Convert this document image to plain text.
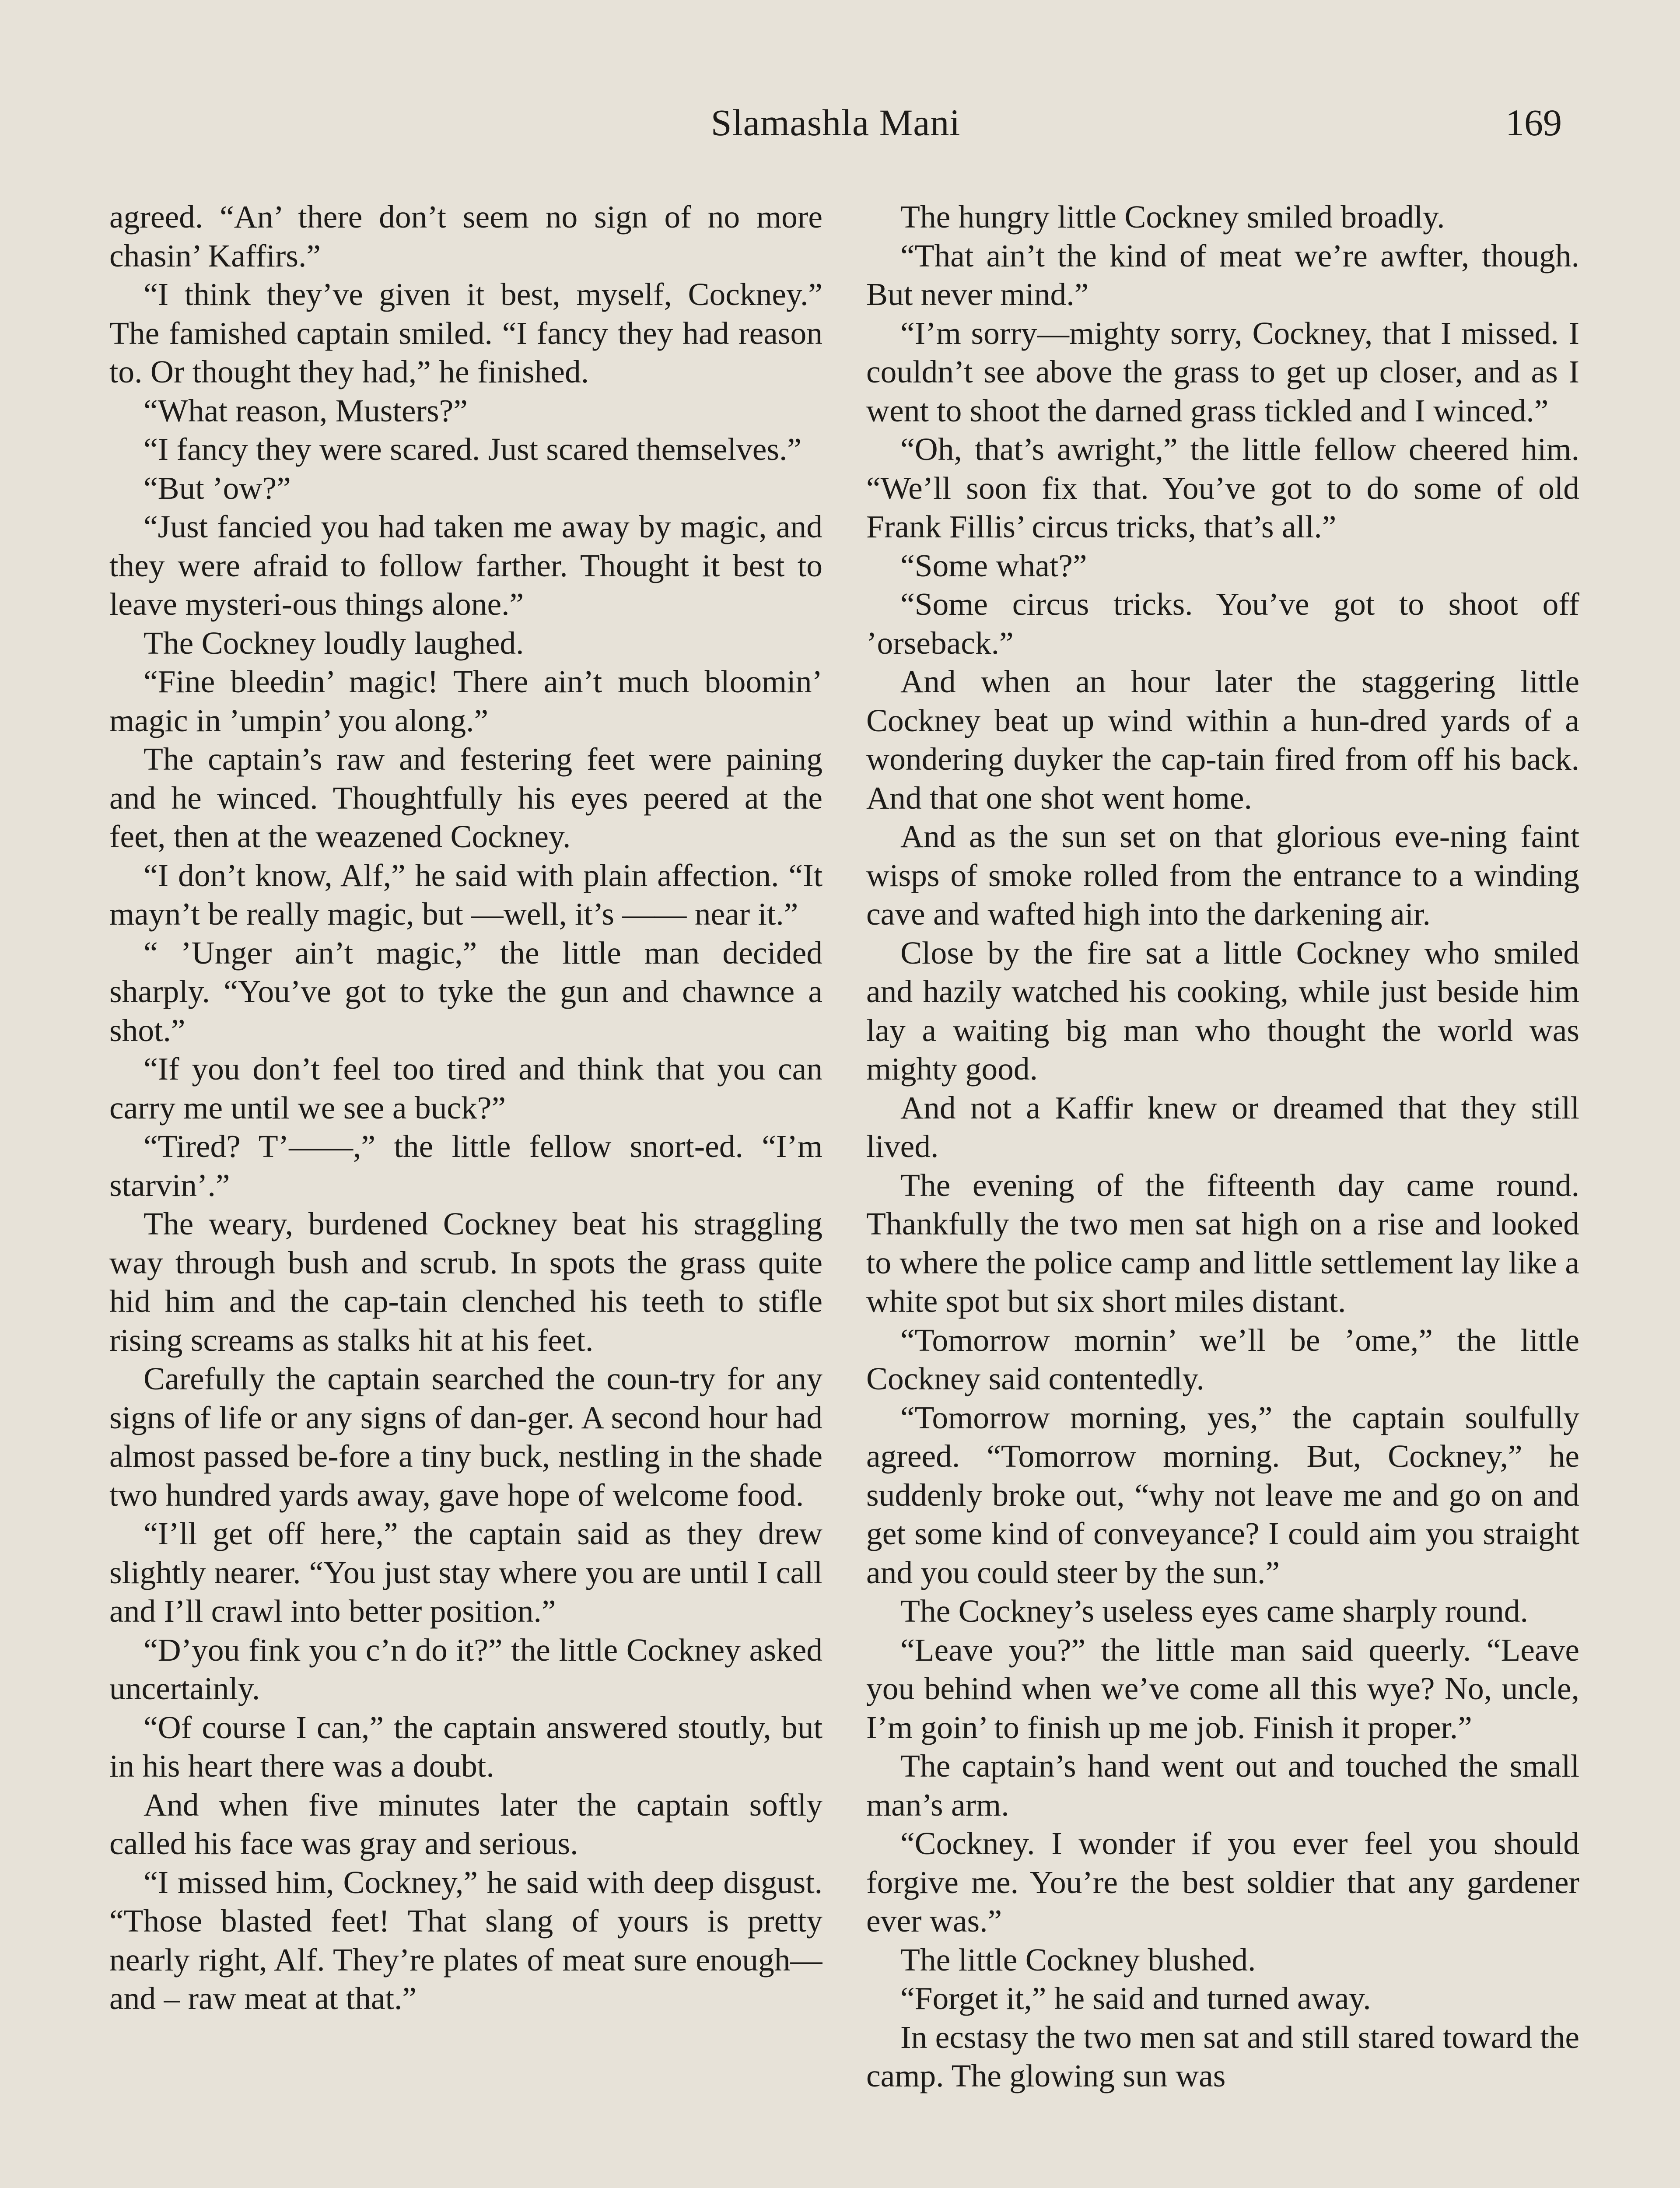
Slamashla Mani	169

agreed. “An’ there don’t seem no sign of no more chasin’ Kaffirs.”

“I think they’ve given it best, myself, Cockney.” The famished captain smiled. “I fancy they had reason to. Or thought they had,” he finished.

“What reason, Musters?”

“I fancy they were scared. Just scared themselves.”

“But ’ow?”

“Just fancied you had taken me away by magic, and they were afraid to follow farther. Thought it best to leave mysteri-ous things alone.”

The Cockney loudly laughed.

“Fine bleedin’ magic! There ain’t much bloomin’ magic in ’umpin’ you along.”

The captain’s raw and festering feet were paining and he winced. Thoughtfully his eyes peered at the feet, then at the weazened Cockney.

“I don’t know, Alf,” he said with plain affection. “It mayn’t be really magic, but —well, it’s —— near it.”

“ ’Unger ain’t magic,” the little man decided sharply. “You’ve got to tyke the gun and chawnce a shot.”

“If you don’t feel too tired and think that you can carry me until we see a buck?”

“Tired? T’——,” the little fellow snort-ed. “I’m starvin’.”

The weary, burdened Cockney beat his straggling way through bush and scrub. In spots the grass quite hid him and the cap-tain clenched his teeth to stifle rising screams as stalks hit at his feet.

Carefully the captain searched the coun-try for any signs of life or any signs of dan-ger. A second hour had almost passed be-fore a tiny buck, nestling in the shade two hundred yards away, gave hope of welcome food.

“I’ll get off here,” the captain said as they drew slightly nearer. “You just stay where you are until I call and I’ll crawl into better position.”

“D’you fink you c’n do it?” the little Cockney asked uncertainly.

“Of course I can,” the captain answered stoutly, but in his heart there was a doubt.

And when five minutes later the captain softly called his face was gray and serious.

“I missed him, Cockney,” he said with deep disgust. “Those blasted feet! That slang of yours is pretty nearly right, Alf. They’re plates of meat sure enough—and – raw meat at that.”

The hungry little Cockney smiled broadly.

“That ain’t the kind of meat we’re awfter, though. But never mind.”

“I’m sorry—mighty sorry, Cockney, that I missed. I couldn’t see above the grass to get up closer, and as I went to shoot the darned grass tickled and I winced.”

“Oh, that’s awright,” the little fellow cheered him. “We’ll soon fix that. You’ve got to do some of old Frank Fillis’ circus tricks, that’s all.”

“Some what?”

“Some circus tricks. You’ve got to shoot off ’orseback.”

And when an hour later the staggering little Cockney beat up wind within a hun-dred yards of a wondering duyker the cap-tain fired from off his back. And that one shot went home.

And as the sun set on that glorious eve-ning faint wisps of smoke rolled from the entrance to a winding cave and wafted high into the darkening air.

Close by the fire sat a little Cockney who smiled and hazily watched his cooking, while just beside him lay a waiting big man who thought the world was mighty good.

And not a Kaffir knew or dreamed that they still lived.

The evening of the fifteenth day came round. Thankfully the two men sat high on a rise and looked to where the police camp and little settlement lay like a white spot but six short miles distant.

“Tomorrow mornin’ we’ll be ’ome,” the little Cockney said contentedly.

“Tomorrow morning, yes,” the captain soulfully agreed. “Tomorrow morning. But, Cockney,” he suddenly broke out, “why not leave me and go on and get some kind of conveyance? I could aim you straight and you could steer by the sun.”

The Cockney’s useless eyes came sharply round.

“Leave you?” the little man said queerly. “Leave you behind when we’ve come all this wye? No, uncle, I’m goin’ to finish up me job. Finish it proper.”

The captain’s hand went out and touched the small man’s arm.

“Cockney. I wonder if you ever feel you should forgive me. You’re the best soldier that any gardener ever was.”

The little Cockney blushed.

“Forget it,” he said and turned away.

In ecstasy the two men sat and still stared toward the camp. The glowing sun was
